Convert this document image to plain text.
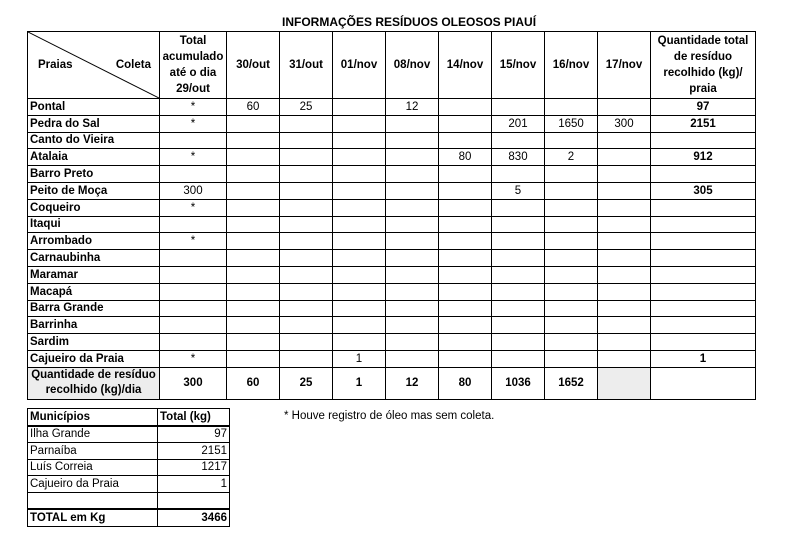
INFORMAÇÕES RESÍDUOS OLEOSOS PIAUÍ
Praias Coleta	Total acumulado até o dia 29/out	30/out	31/out	01/nov	08/nov	14/nov	15/nov	16/nov	17/nov	Quantidade total de resíduo recolhido (kg)/ praia
Pontal	*	60	25		12					97
Pedra do Sal	*						201	1650	300	2151
Canto do Vieira										
Atalaia	*					80	830	2		912
Barro Preto										
Peito de Moça	300						5			305
Coqueiro	*									
Itaqui										
Arrombado	*									
Carnaubinha										
Maramar										
Macapá										
Barra Grande										
Barrinha										
Sardim										
Cajueiro da Praia	*			1						1
Quantidade de resíduo recolhido (kg)/dia	300	60	25	1	12	80	1036	1652		
Municípios	Total (kg)
Ilha Grande	97
Parnaíba	2151
Luís Correia	1217
Cajueiro da Praia	1

TOTAL em Kg	3466
* Houve registro de óleo mas sem coleta.
